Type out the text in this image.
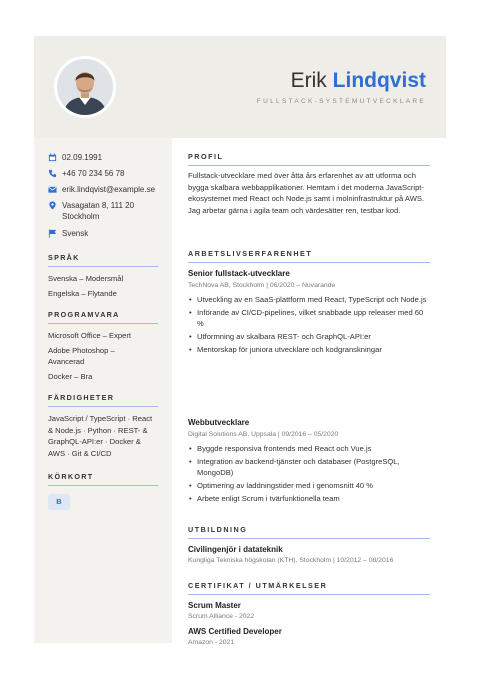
Erik Lindqvist
FULLSTACK-SYSTEMUTVECKLARE
02.09.1991
+46 70 234 56 78
erik.lindqvist@example.se
Vasagatan 8, 111 20 Stockholm
Svensk
SPRÅK
Svenska – Modersmål
Engelska – Flytande
PROGRAMVARA
Microsoft Office – Expert
Adobe Photoshop – Avancerad
Docker – Bra
FÄRDIGHETER
JavaScript / TypeScript · React & Node.js · Python · REST- & GraphQL-API:er · Docker & AWS · Git & CI/CD
KÖRKORT
B
PROFIL
Fullstack-utvecklare med över åtta års erfarenhet av att utforma och bygga skalbara webbapplikationer. Hemtam i det moderna JavaScript-ekosystemet med React och Node.js samt i molninfrastruktur på AWS. Jag arbetar gärna i agila team och värdesätter ren, testbar kod.
ARBETSLIVSERFARENHET
Senior fullstack-utvecklare
TechNova AB, Stockholm | 06/2020 – Nuvarande
• Utveckling av en SaaS-plattform med React, TypeScript och Node.js
• Införande av CI/CD-pipelines, vilket snabbade upp releaser med 60 %
• Utformning av skalbara REST- och GraphQL-API:er
• Mentorskap för juniora utvecklare och kodgranskningar
Webbutvecklare
Digital Solutions AB, Uppsala | 09/2016 – 05/2020
• Byggde responsiva frontends med React och Vue.js
• Integration av backend-tjänster och databaser (PostgreSQL, MongoDB)
• Optimering av laddningstider med i genomsnitt 40 %
• Arbete enligt Scrum i tvärfunktionella team
UTBILDNING
Civilingenjör i datateknik
Kungliga Tekniska högskolan (KTH), Stockholm | 10/2012 – 08/2016
CERTIFIKAT / UTMÄRKELSER
Scrum Master
Scrum Alliance - 2022
AWS Certified Developer
Amazon - 2021
